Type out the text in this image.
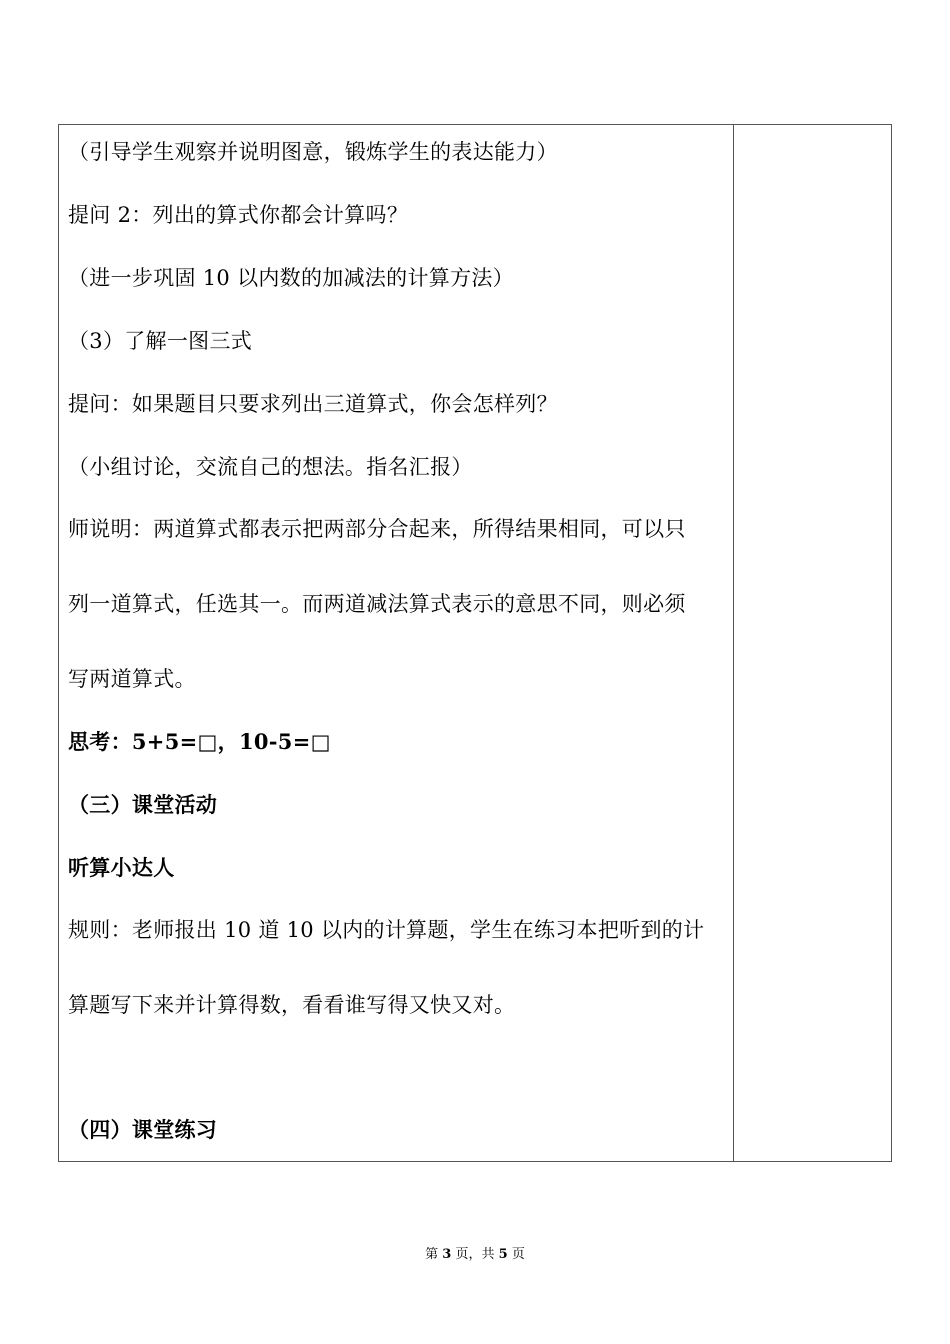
（引导学生观察并说明图意，锻炼学生的表达能力）
提问 2：列出的算式你都会计算吗？
（进一步巩固 10 以内数的加减法的计算方法）
（3）了解一图三式
提问：如果题目只要求列出三道算式，你会怎样列？
（小组讨论，交流自己的想法。指名汇报）
师说明：两道算式都表示把两部分合起来，所得结果相同，可以只
列一道算式，任选其一。而两道减法算式表示的意思不同，则必须
写两道算式。
思考：5+5=□，10-5=□
（三）课堂活动
听算小达人
规则：老师报出 10 道 10 以内的计算题，学生在练习本把听到的计
算题写下来并计算得数，看看谁写得又快又对。
（四）课堂练习
第 3 页，共 5 页
